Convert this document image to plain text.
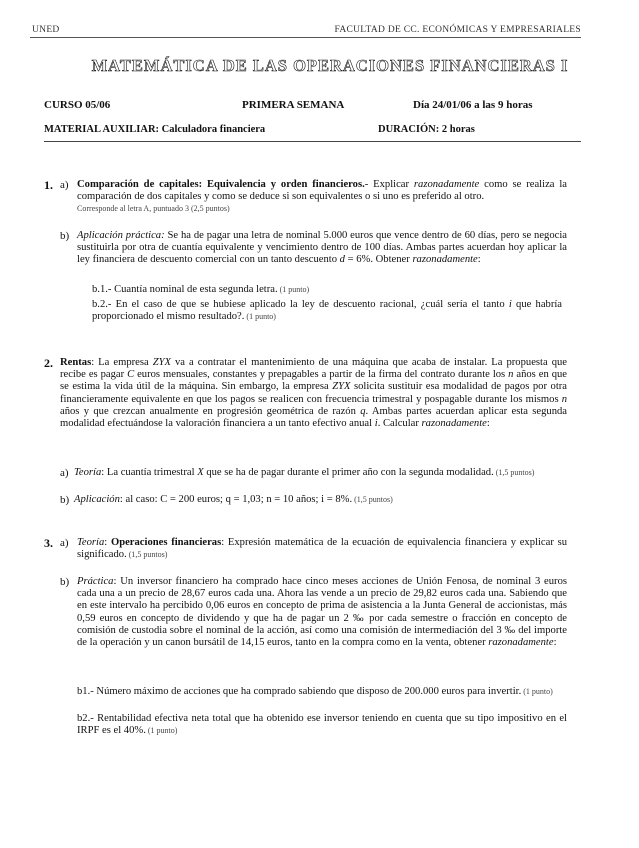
UNED	FACULTAD DE CC. ECONÓMICAS Y EMPRESARIALES
MATEMÁTICA DE LAS OPERACIONES FINANCIERAS I
CURSO 05/06	PRIMERA SEMANA	Día 24/01/06 a las 9 horas
MATERIAL AUXILIAR: Calculadora financiera	DURACIÓN: 2 horas
1. a) Comparación de capitales: Equivalencia y orden financieros.- Explicar razonadamente como se realiza la comparación de dos capitales y como se deduce si son equivalentes o si uno es preferido al otro.
Corresponde al letra A, puntuado 3 (2,5 puntos)
b) Aplicación práctica: Se ha de pagar una letra de nominal 5.000 euros que vence dentro de 60 días, pero se negocia sustituirla por otra de cuantía equivalente y vencimiento dentro de 100 días. Ambas partes acuerdan hoy aplicar la ley financiera de descuento comercial con un tanto descuento d = 6%. Obtener razonadamente:
b.1.- Cuantía nominal de esta segunda letra. (1 punto)
b.2.- En el caso de que se hubiese aplicado la ley de descuento racional, ¿cuál sería el tanto i que habría proporcionado el mismo resultado?. (1 punto)
2. Rentas: La empresa ZYX va a contratar el mantenimiento de una máquina que acaba de instalar. La propuesta que recibe es pagar C euros mensuales, constantes y prepagables a partir de la firma del contrato durante los n años en que se estima la vida útil de la máquina. Sin embargo, la empresa ZYX solicita sustituir esa modalidad de pagos por otra financieramente equivalente en que los pagos se realicen con frecuencia trimestral y pospagable durante los mismos n años y que crezcan anualmente en progresión geométrica de razón q. Ambas partes acuerdan aplicar esta segunda modalidad efectuándose la valoración financiera a un tanto efectivo anual i. Calcular razonadamente:
a) Teoría: La cuantía trimestral X que se ha de pagar durante el primer año con la segunda modalidad. (1,5 puntos)
b) Aplicación: al caso: C = 200 euros; q = 1,03; n = 10 años; i = 8%. (1,5 puntos)
3. a) Teoría: Operaciones financieras: Expresión matemática de la ecuación de equivalencia financiera y explicar su significado. (1,5 puntos)
b) Práctica: Un inversor financiero ha comprado hace cinco meses acciones de Unión Fenosa, de nominal 3 euros cada una a un precio de 28,67 euros cada una. Ahora las vende a un precio de 29,82 euros cada una. Sabiendo que en este intervalo ha percibido 0,06 euros en concepto de prima de asistencia a la Junta General de accionistas, más 0,59 euros en concepto de dividendo y que ha de pagar un 2 ‰ por cada semestre o fracción en concepto de comisión de custodia sobre el nominal de la acción, así como una comisión de intermediación del 3 ‰ del importe de la operación y un canon bursátil de 14,15 euros, tanto en la compra como en la venta, obtener razonadamente:
b1.- Número máximo de acciones que ha comprado sabiendo que disposo de 200.000 euros para invertir. (1 punto)
b2.- Rentabilidad efectiva neta total que ha obtenido ese inversor teniendo en cuenta que su tipo impositivo en el IRPF es el 40%. (1 punto)
